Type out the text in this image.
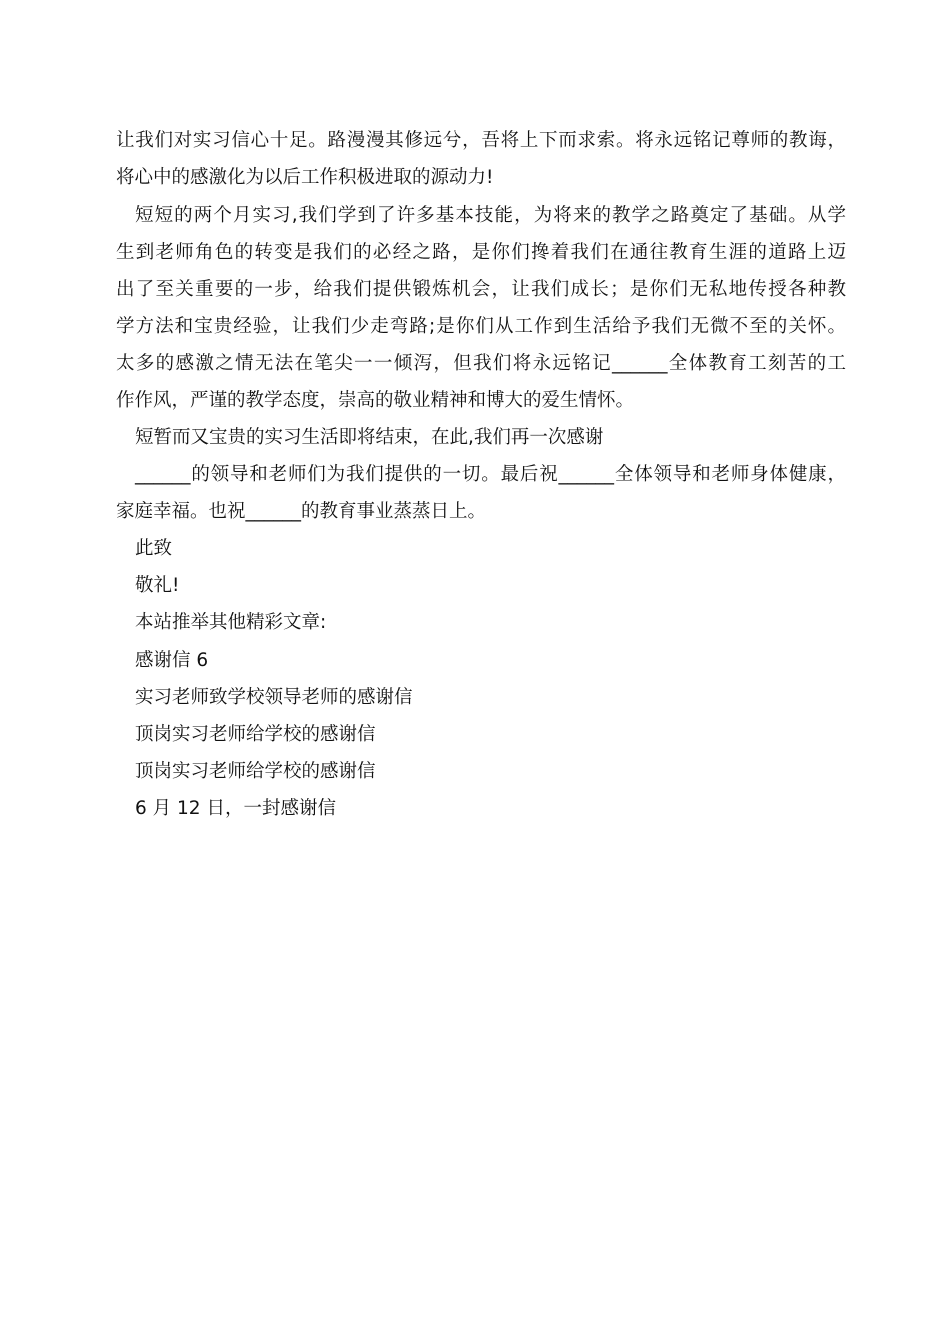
让我们对实习信心十足。路漫漫其修远兮，吾将上下而求索。将永远铭记尊师的教诲，
将心中的感激化为以后工作积极进取的源动力!
短短的两个月实习,我们学到了许多基本技能，为将来的教学之路奠定了基础。从学
生到老师角色的转变是我们的必经之路，是你们搀着我们在通往教育生涯的道路上迈
出了至关重要的一步，给我们提供锻炼机会，让我们成长；是你们无私地传授各种教
学方法和宝贵经验，让我们少走弯路;是你们从工作到生活给予我们无微不至的关怀。
太多的感激之情无法在笔尖一一倾泻，但我们将永远铭记______全体教育工刻苦的工
作作风，严谨的教学态度，崇高的敬业精神和博大的爱生情怀。
短暂而又宝贵的实习生活即将结束，在此,我们再一次感谢
______的领导和老师们为我们提供的一切。最后祝______全体领导和老师身体健康，
家庭幸福。也祝______的教育事业蒸蒸日上。
此致
敬礼!
本站推举其他精彩文章:
感谢信 6
实习老师致学校领导老师的感谢信
顶岗实习老师给学校的感谢信
顶岗实习老师给学校的感谢信
6 月 12 日，一封感谢信
